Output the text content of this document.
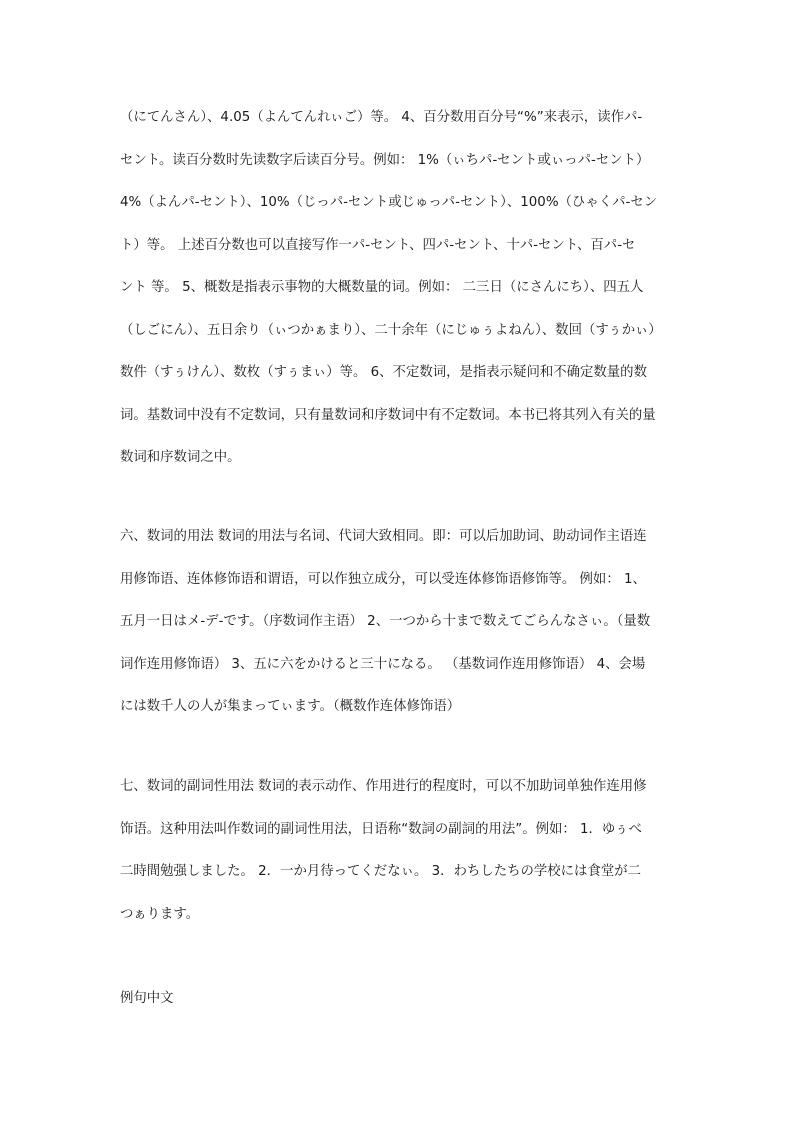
（にてんさん）、4.05（よんてんれぃご）等。 4、百分数用百分号“%”来表示，读作パ-
セント。读百分数时先读数字后读百分号。例如： 1%（ぃちパ-セント或ぃっパ-セント）
4%（よんパ-セント）、10%（じっパ-セント或じゅっパ-セント）、100%（ひゃくパ-セン
ト）等。 上述百分数也可以直接写作一パ-セント、四パ-セント、十パ-セント、百パ-セ
ント 等。 5、概数是指表示事物的大概数量的词。例如： 二三日（にさんにち）、四五人
（しごにん）、五日余り（ぃつかぁまり）、二十余年（にじゅぅよねん）、数回（すぅかぃ）
数件（すぅけん）、数枚（すぅまぃ）等。 6、不定数词，是指表示疑问和不确定数量的数
词。基数词中没有不定数词，只有量数词和序数词中有不定数词。本书已将其列入有关的量
数词和序数词之中。
六、数词的用法 数词的用法与名词、代词大致相同。即：可以后加助词、助动词作主语连
用修饰语、连体修饰语和谓语，可以作独立成分，可以受连体修饰语修饰等。 例如： 1、
五月一日はメ-デ-です。（序数词作主语） 2、一つから十まで数えてごらんなさぃ。（量数
词作连用修饰语） 3、五に六をかけると三十になる。 （基数词作连用修饰语） 4、会場
には数千人の人が集まってぃます。（概数作连体修饰语）
七、数词的副词性用法 数词的表示动作、作用进行的程度时，可以不加助词单独作连用修
饰语。这种用法叫作数词的副词性用法，日语称“数詞の副詞的用法”。例如： 1．ゆぅべ
二時間勉强しました。 2．一か月待ってくだなぃ。 3．わちしたちの学校には食堂が二
つぁります。
例句中文
